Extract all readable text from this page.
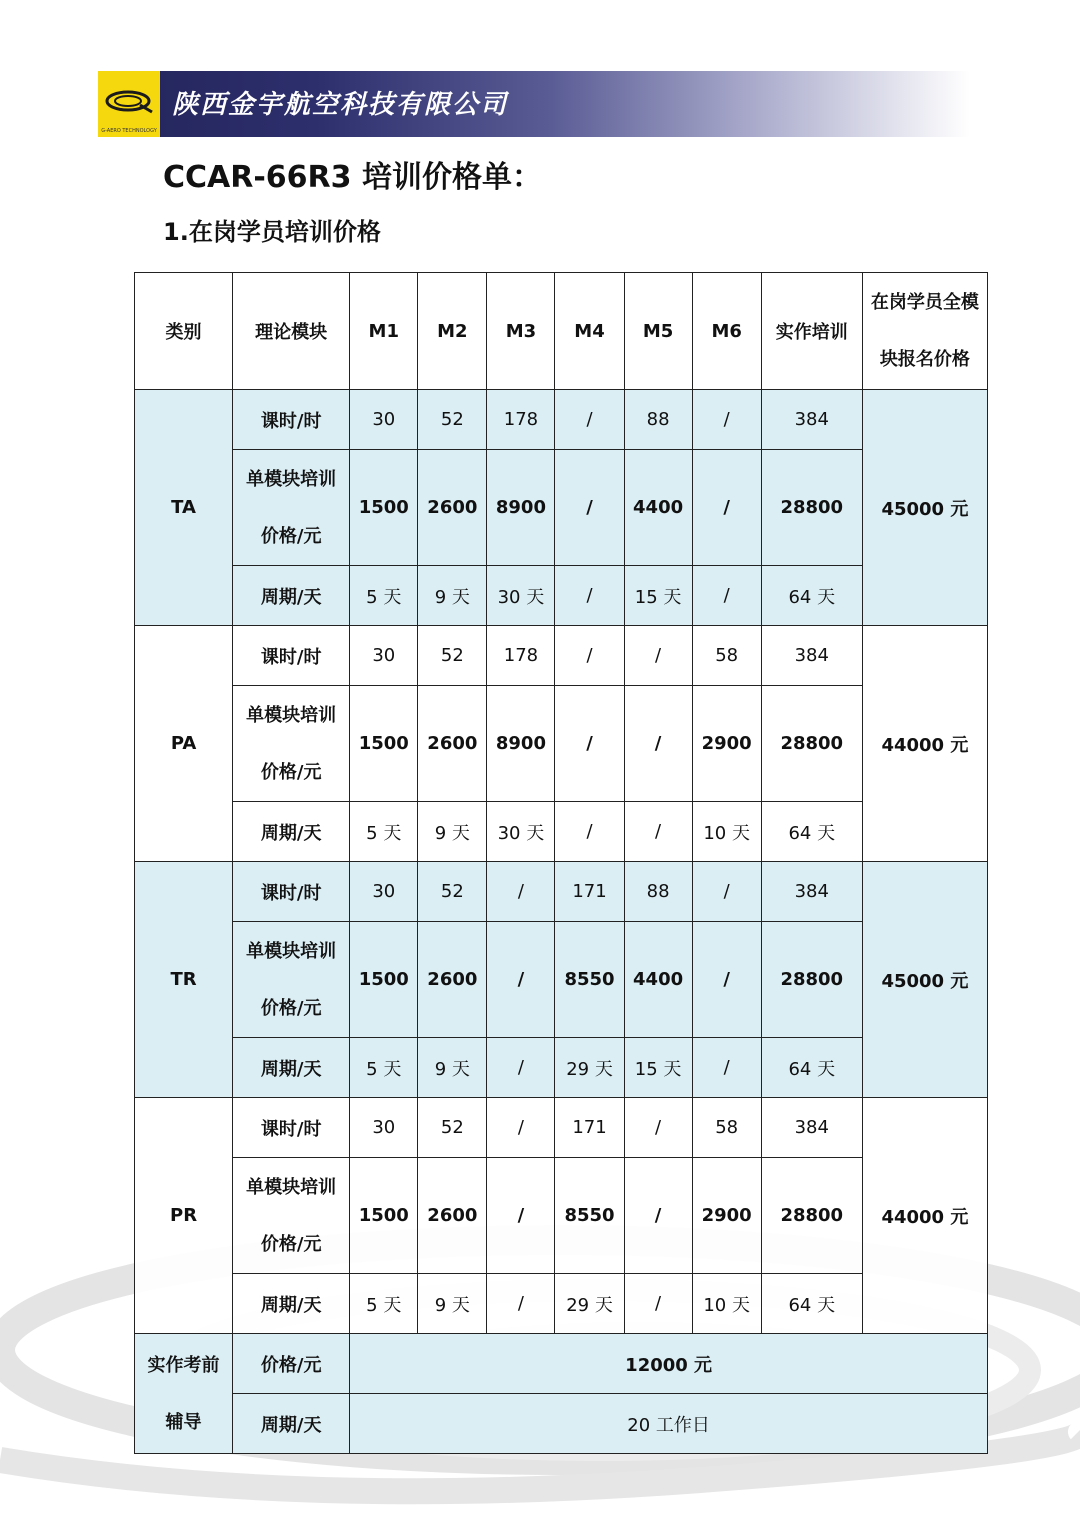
G-AERO TECHNOLOGY
陕西金宇航空科技有限公司
CCAR-66R3 培训价格单：
1.在岗学员培训价格
类别	理论模块	M1	M2	M3	M4	M5	M6	实作培训	在岗学员全模
块报名价格
TA	课时/时	30	52	178	/	88	/	384	45000 元
	单模块培训
价格/元	1500	2600	8900	/	4400	/	28800	
	周期/天	5 天	9 天	30 天	/	15 天	/	64 天	
PA	课时/时	30	52	178	/	/	58	384	44000 元
	单模块培训
价格/元	1500	2600	8900	/	/	2900	28800	
	周期/天	5 天	9 天	30 天	/	/	10 天	64 天	
TR	课时/时	30	52	/	171	88	/	384	45000 元
	单模块培训
价格/元	1500	2600	/	8550	4400	/	28800	
	周期/天	5 天	9 天	/	29 天	15 天	/	64 天	
PR	课时/时	30	52	/	171	/	58	384	44000 元
	单模块培训
价格/元	1500	2600	/	8550	/	2900	28800	
	周期/天	5 天	9 天	/	29 天	/	10 天	64 天	
实作考前
辅导	价格/元	12000 元							
	周期/天	20 工作日							
